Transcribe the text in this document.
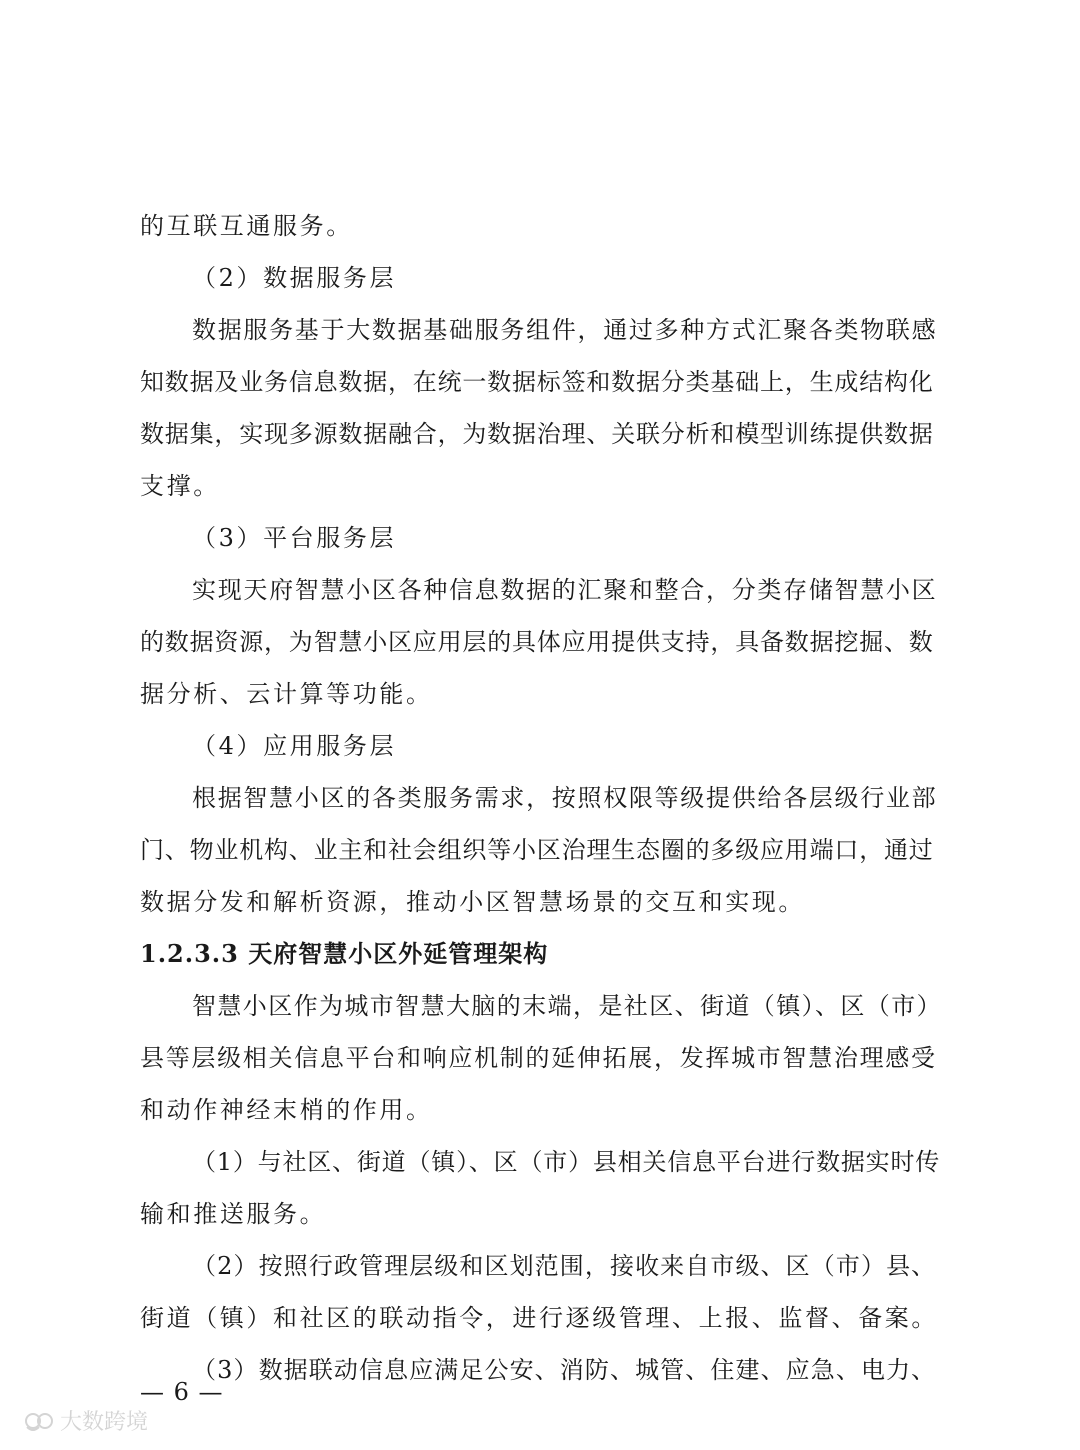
的互联互通服务。

（2）数据服务层

数据服务基于大数据基础服务组件，通过多种方式汇聚各类物联感

知数据及业务信息数据，在统一数据标签和数据分类基础上，生成结构化

数据集，实现多源数据融合，为数据治理、关联分析和模型训练提供数据

支撑。

（3）平台服务层

实现天府智慧小区各种信息数据的汇聚和整合，分类存储智慧小区

的数据资源，为智慧小区应用层的具体应用提供支持，具备数据挖掘、数

据分析、云计算等功能。

（4）应用服务层

根据智慧小区的各类服务需求，按照权限等级提供给各层级行业部

门、物业机构、业主和社会组织等小区治理生态圈的多级应用端口，通过

数据分发和解析资源，推动小区智慧场景的交互和实现。

1.2.3.3 天府智慧小区外延管理架构

智慧小区作为城市智慧大脑的末端，是社区、街道（镇）、区（市）

县等层级相关信息平台和响应机制的延伸拓展，发挥城市智慧治理感受

和动作神经末梢的作用。

（1）与社区、街道（镇）、区（市）县相关信息平台进行数据实时传

输和推送服务。

（2）按照行政管理层级和区划范围，接收来自市级、区（市）县、

街道（镇）和社区的联动指令，进行逐级管理、上报、监督、备案。

（3）数据联动信息应满足公安、消防、城管、住建、应急、电力、

— 6 —
大数跨境
